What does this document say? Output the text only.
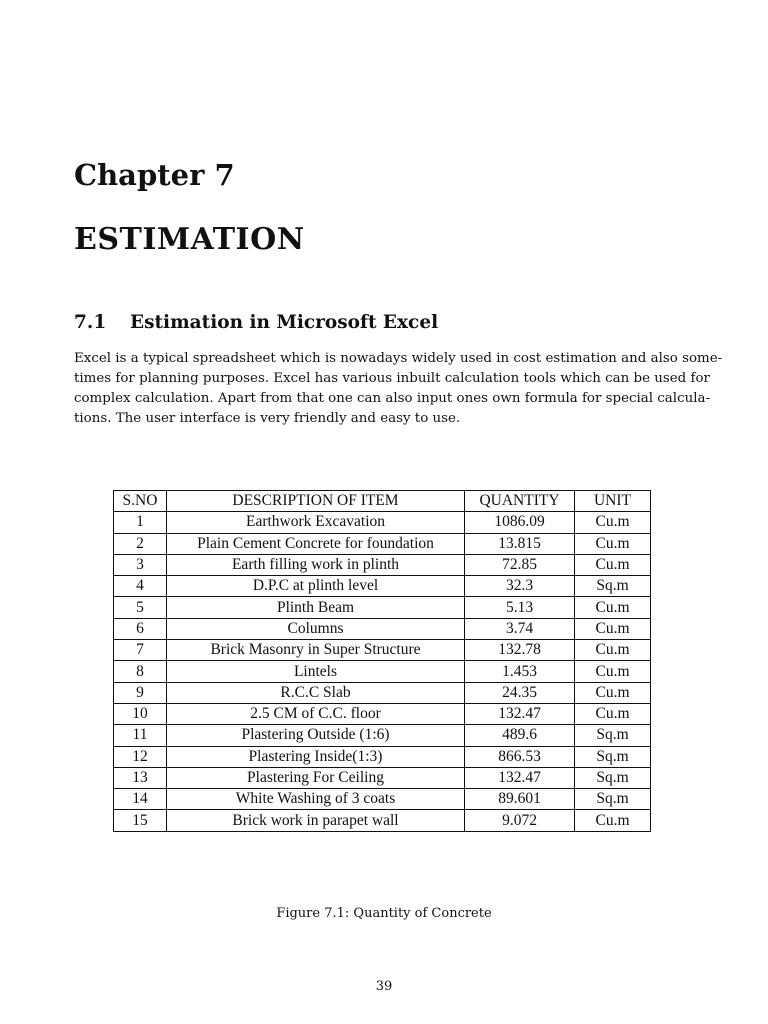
Chapter 7
ESTIMATION
7.1 Estimation in Microsoft Excel
Excel is a typical spreadsheet which is nowadays widely used in cost estimation and also some-
times for planning purposes. Excel has various inbuilt calculation tools which can be used for
complex calculation. Apart from that one can also input ones own formula for special calcula-
tions. The user interface is very friendly and easy to use.
S.NO	DESCRIPTION OF ITEM	QUANTITY	UNIT
1	Earthwork Excavation	1086.09	Cu.m
2	Plain Cement Concrete for foundation	13.815	Cu.m
3	Earth filling work in plinth	72.85	Cu.m
4	D.P.C at plinth level	32.3	Sq.m
5	Plinth Beam	5.13	Cu.m
6	Columns	3.74	Cu.m
7	Brick Masonry in Super Structure	132.78	Cu.m
8	Lintels	1.453	Cu.m
9	R.C.C Slab	24.35	Cu.m
10	2.5 CM of C.C. floor	132.47	Cu.m
11	Plastering Outside (1:6)	489.6	Sq.m
12	Plastering Inside(1:3)	866.53	Sq.m
13	Plastering For Ceiling	132.47	Sq.m
14	White Washing of 3 coats	89.601	Sq.m
15	Brick work in parapet wall	9.072	Cu.m
Figure 7.1: Quantity of Concrete
39
